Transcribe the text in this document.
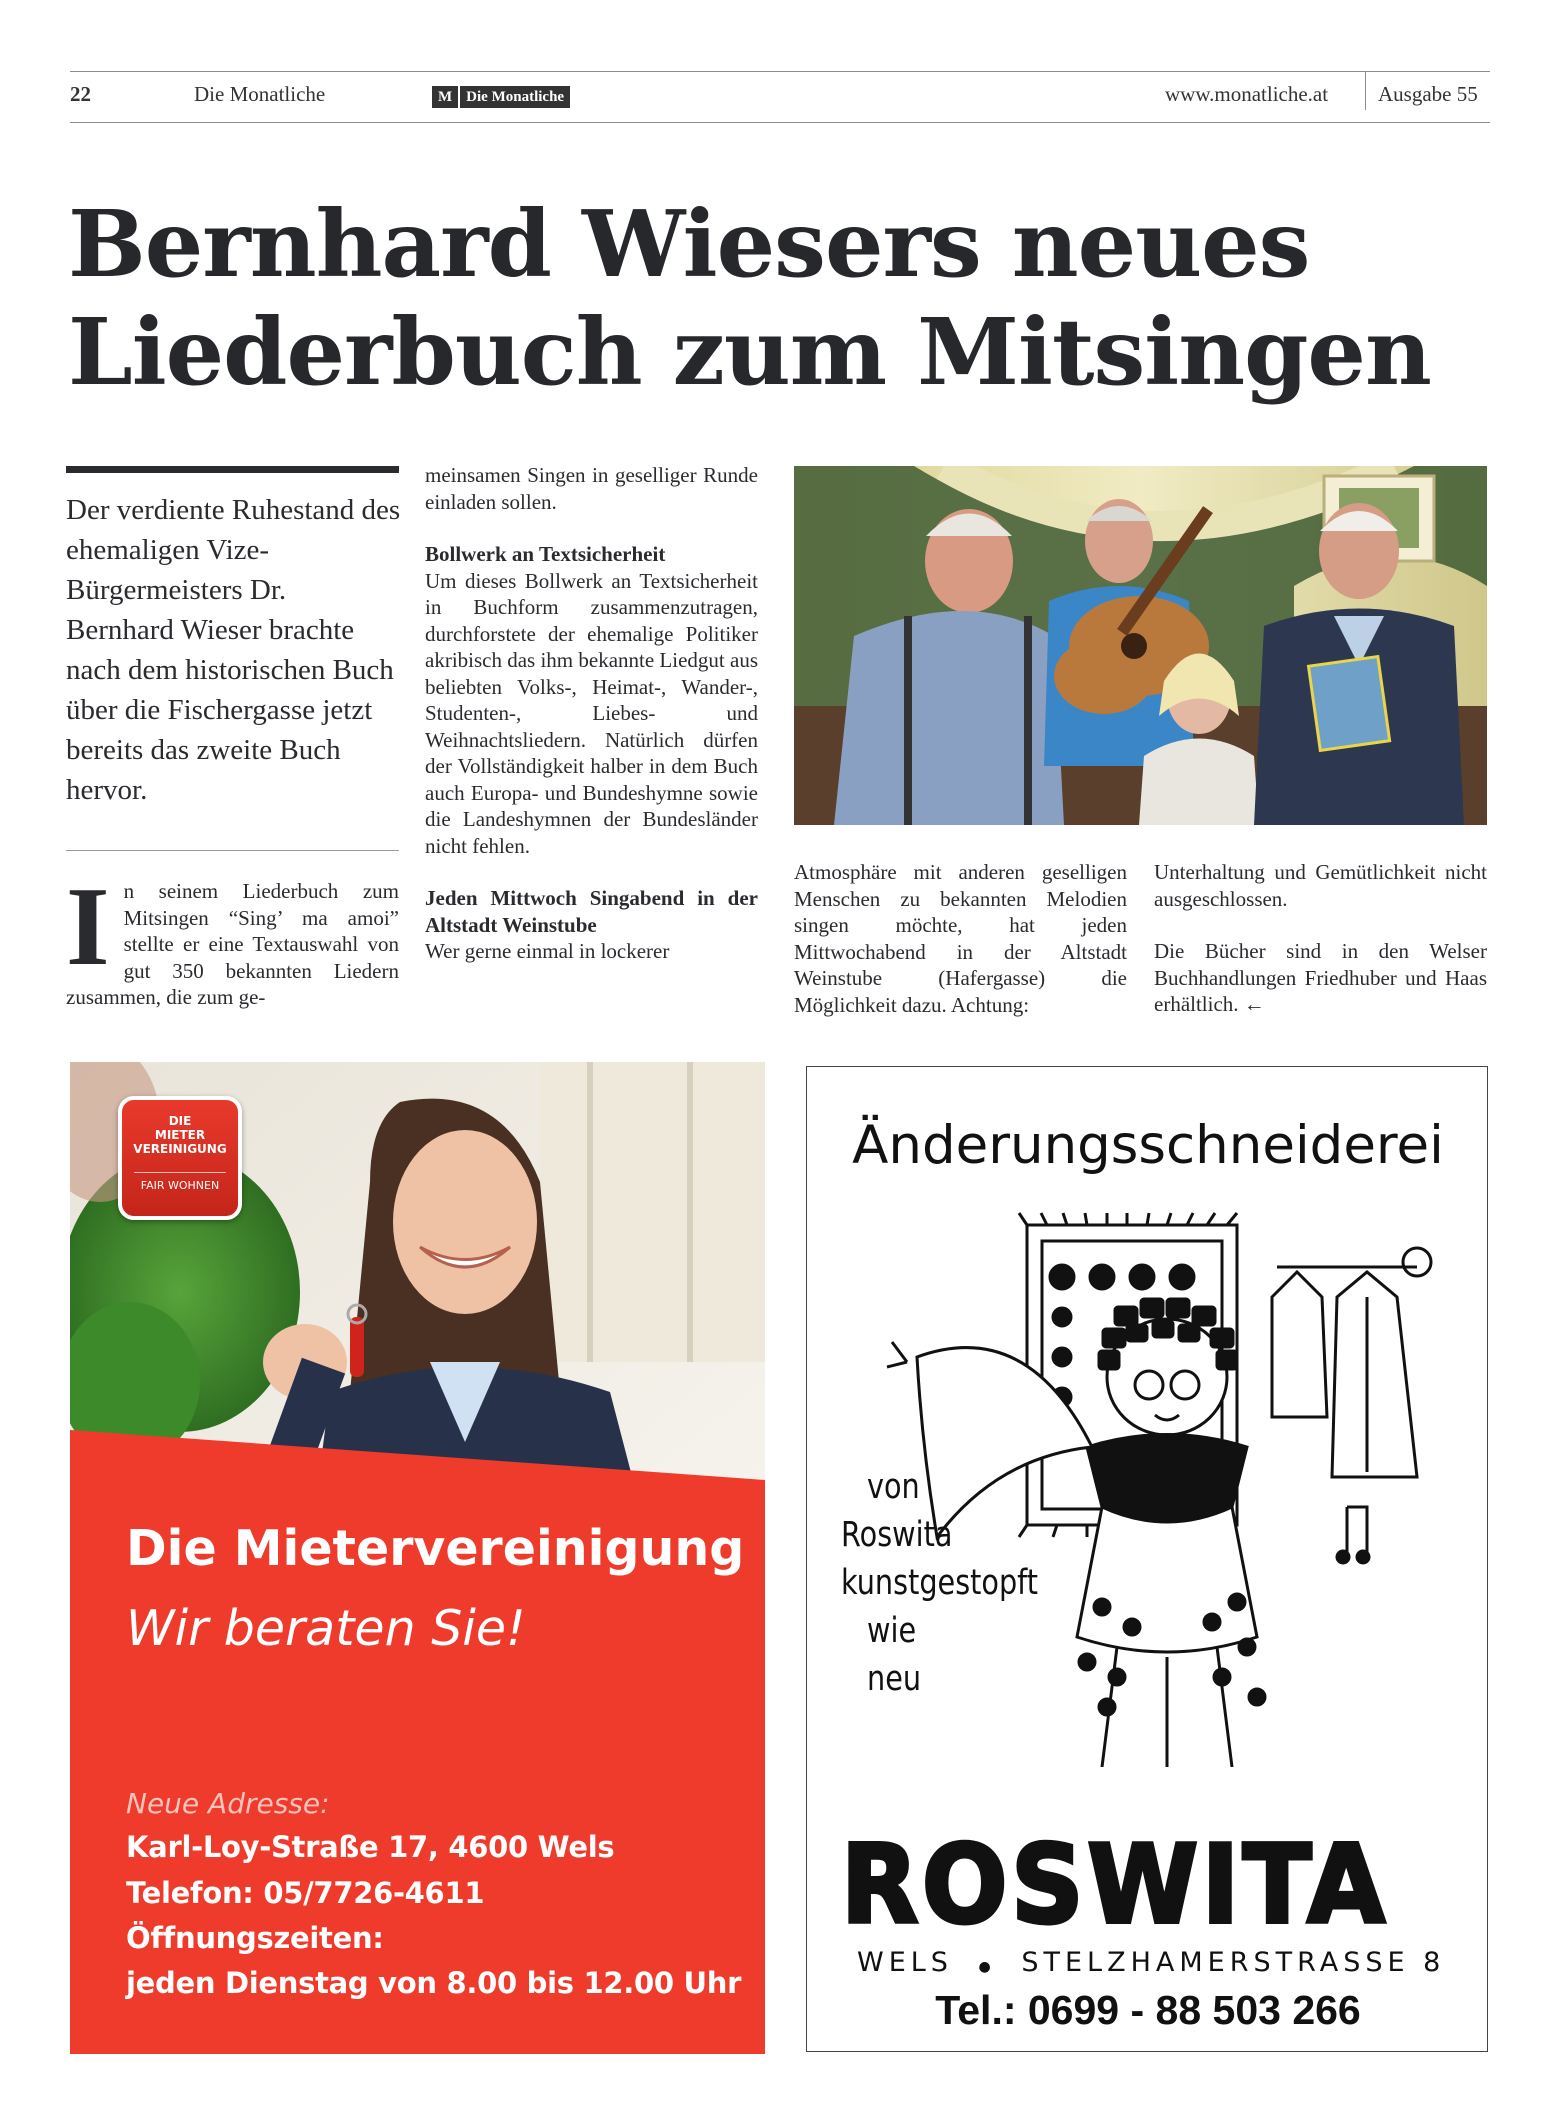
22	Die Monatliche	M Die Monatliche	www.monatliche.at Ausgabe 55
Bernhard Wiesers neues
Liederbuch zum Mitsingen
Der verdiente Ruhestand des ehemaligen Vize-Bürgermeisters Dr. Bernhard Wieser brachte nach dem historischen Buch über die Fischergasse jetzt bereits das zweite Buch hervor.
I n seinem Liederbuch zum Mitsingen “Sing’ ma amoi” stellte er eine Textauswahl von gut 350 bekannten Liedern zusammen, die zum ge-

meinsamen Singen in geselliger Runde einladen sollen.

Bollwerk an Textsicherheit

Um dieses Bollwerk an Textsicherheit in Buchform zusammenzutragen, durchforstete der ehemalige Politiker akribisch das ihm bekannte Liedgut aus beliebten Volks-, Heimat-, Wander-, Studenten-, Liebes- und Weihnachtsliedern. Natürlich dürfen der Vollständigkeit halber in dem Buch auch Europa- und Bundeshymne sowie die Landeshymnen der Bundesländer nicht fehlen.

Jeden Mittwoch Singabend in der Altstadt Weinstube

Wer gerne einmal in lockerer

Atmosphäre mit anderen geselligen Menschen zu bekannten Melodien singen möchte, hat jeden Mittwochabend in der Altstadt Weinstube (Hafergasse) die Möglichkeit dazu. Achtung:

Unterhaltung und Gemütlichkeit nicht ausgeschlossen.

Die Bücher sind in den Welser Buchhandlungen Friedhuber und Haas erhältlich. ←

DIE
MIETER
VEREINIGUNG
FAIR WOHNEN
Die Mietervereinigung
Wir beraten Sie!
Neue Adresse:
Karl-Loy-Straße 17, 4600 Wels
Telefon: 05/7726-4611
Öffnungszeiten:
jeden Dienstag von 8.00 bis 12.00 Uhr
Änderungsschneiderei
von
Roswita
kunstgestopft
wie
neu
ROSWITA
WELS ● STELZHAMERSTRASSE 8
Tel.: 0699 - 88 503 266
